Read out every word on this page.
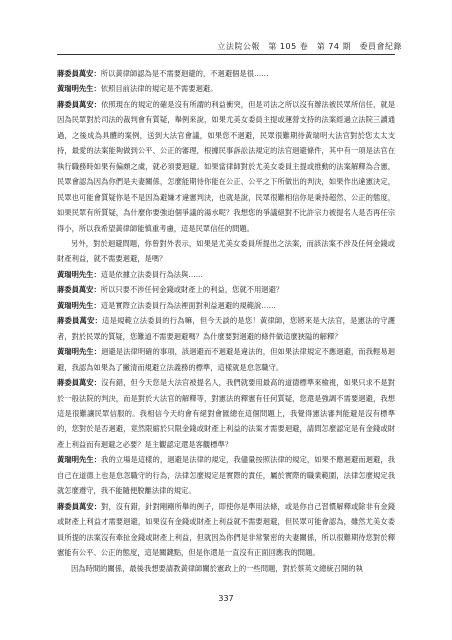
立法院公報　第 105 卷　第 74 期　委員會紀錄

蔣委員萬安：所以黃律師認為是不需要迴避的，不迴避個是很……

黃瑞明先生：依照目前法律的規定是不需要迴避。

蔣委員萬安：依照現在的規定的確是沒有所謂的利益衝突，但是司法之所以沒有辦法被民眾所信任，就是因為民眾對於司法的裁判會有質疑，舉例來說，如果尤美女委員主提或運營支持的法案經過立法院三讀通過，之後成為具體的案例，送到大法官會議，如果您不迴避，民眾很難期待黃瑞明大法官對於您太太支持，最愛的法案能夠做到公平、公正的審理，根據民事訴訟法規定的法官迴避條件，其中有一項是法官在執行職務時如果有偏頗之虞，就必須要迴避。如果當律師對於尤美女委員主提或推動的法案解釋為合憲，民眾會認為因為你們是夫妻關係，怎麼能期待你能在公正、公平之下所做出的判決，如果作出違憲決定，民眾也可能會質疑你是不是因為避嫌才違憲判決，也就是說，民眾很難相信你是秉持超然、公正的態度，如果民眾有所質疑，為什麼你要強迫個爭議的湯水呢？我想您的爭議絕對不比許宗力被提名人是否再任宗得小，所以我希望黃律師能慎重考慮，這是民眾信任的問題。

另外，對於迴避問題，你曾對外表示，如果是尤美女委員所提出之法案，而該法案不涉及任何金錢或財產利益，就不需要迴避，是嗎？

黃瑞明先生：這是依據立法委員行為法與……

蔣委員萬安：所以只要不涉任何金錢或財產上的利益，您就不用迴避？

黃瑞明先生：這是實際立法委員行為法裡面對利益迴避的規範說……

蔣委員萬安：這是規範立法委員的行為嘛，但今天談的是您！黃律師，您將來是大法官，是憲法的守護者，對於民眾的質疑，您難道不需要迴避嗎？為什麼要對迴避的條件做這麼狹隘的解釋？

黃瑞明先生：迴避是法律明確的事項，該迴避而不迴避是違法的，但如果法律規定不應迴避，而我輕易迴避，我認為如果為了撇清而規避立法義務的標準，這樣就是怠忽職守。

蔣委員萬安：沒有錯，但今天您是大法官被提名人，我們就要用最高的道德標準來檢視，如果只求不是對於一般法院的判決，而是對於大法官的解釋等，對憲法的釋憲有任何質疑，您還是強調不需要迴避，我想這是很難讓民眾信服的。我相信今天約會有絕對會匯總在這個問題上，我覺得憲法審判能避是沒有標準的，您對於是否迴避，竟然限縮於只限金錢或財產上利益的法案才需要迴避，請問怎麼認定是有金錢或財產上利益而有迴避之必要？是主觀認定還是客觀標準？

黃瑞明先生：我的立場是這樣的，迴避是法律的規定，我儘量按照法律的規定，如果不應迴避而迴避，我自己在道德上也是怠忽職守的行為，法律怎麼規定是實際的責任，屬於實際的職業範圍，法律怎麼規定我就怎麼遵守，我不能隨便脫離法律的規定。

蔣委員萬安：對，沒有錯，針對剛剛所舉的例子，即使你是準用法條，或是你自己習慣解釋或除非有金錢或財產上利益才需要迴避，如果沒有金錢或財產上利益就不需要迴避，但民眾可能會認為，雖然尤美女委員所提的法案沒有牽扯金錢或財產上利益，但就因為你們是非常緊密的夫妻關係，所以很難期待您對於釋憲能有公平、公正的態度，這是關鍵點，但是你還是一直沒有正面回應我的問題。

因為時間的關係，最後我想要請教黃律師關於憲政上的一些問題，對於蔡英文總統召開的執

337
